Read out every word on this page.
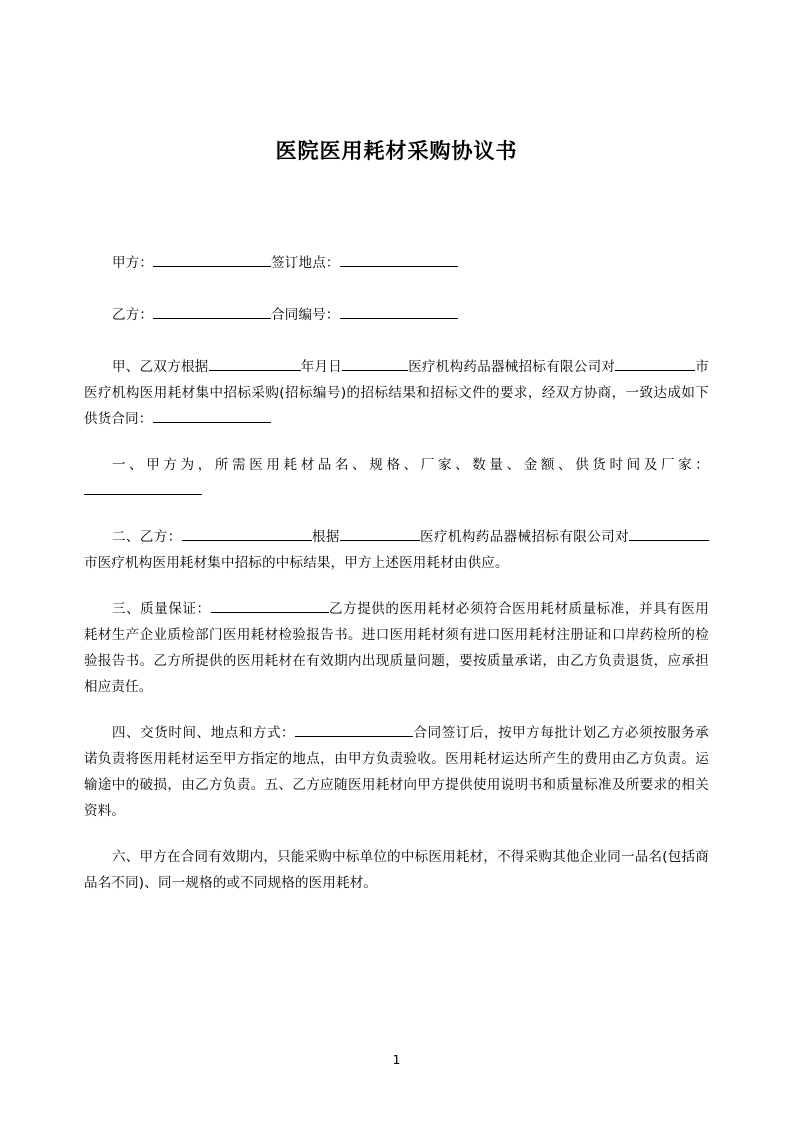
医院医用耗材采购协议书

甲方：	签订地点：

乙方：	合同编号：

甲、乙双方根据	年月日	医疗机构药品器械招标有限公司对	市医疗机构医用耗材集中招标采购(招标编号)的招标结果和招标文件的要求，经双方协商，一致达成如下供货合同：

一、甲方为，所需医用耗材品名、规格、厂家、数量、金额、供货时间及厂家：

二、乙方：	根据	医疗机构药品器械招标有限公司对市医疗机构医用耗材集中招标的中标结果，甲方上述医用耗材由供应。

三、质量保证：	乙方提供的医用耗材必须符合医用耗材质量标准，并具有医用耗材生产企业质检部门医用耗材检验报告书。进口医用耗材须有进口医用耗材注册证和口岸药检所的检验报告书。乙方所提供的医用耗材在有效期内出现质量问题，要按质量承诺，由乙方负责退货，应承担相应责任。

四、交货时间、地点和方式：	合同签订后，按甲方每批计划乙方必须按服务承诺负责将医用耗材运至甲方指定的地点，由甲方负责验收。医用耗材运达所产生的费用由乙方负责。运输途中的破损，由乙方负责。五、乙方应随医用耗材向甲方提供使用说明书和质量标准及所要求的相关资料。

六、甲方在合同有效期内，只能采购中标单位的中标医用耗材，不得采购其他企业同一品名(包括商品名不同)、同一规格的或不同规格的医用耗材。

1
